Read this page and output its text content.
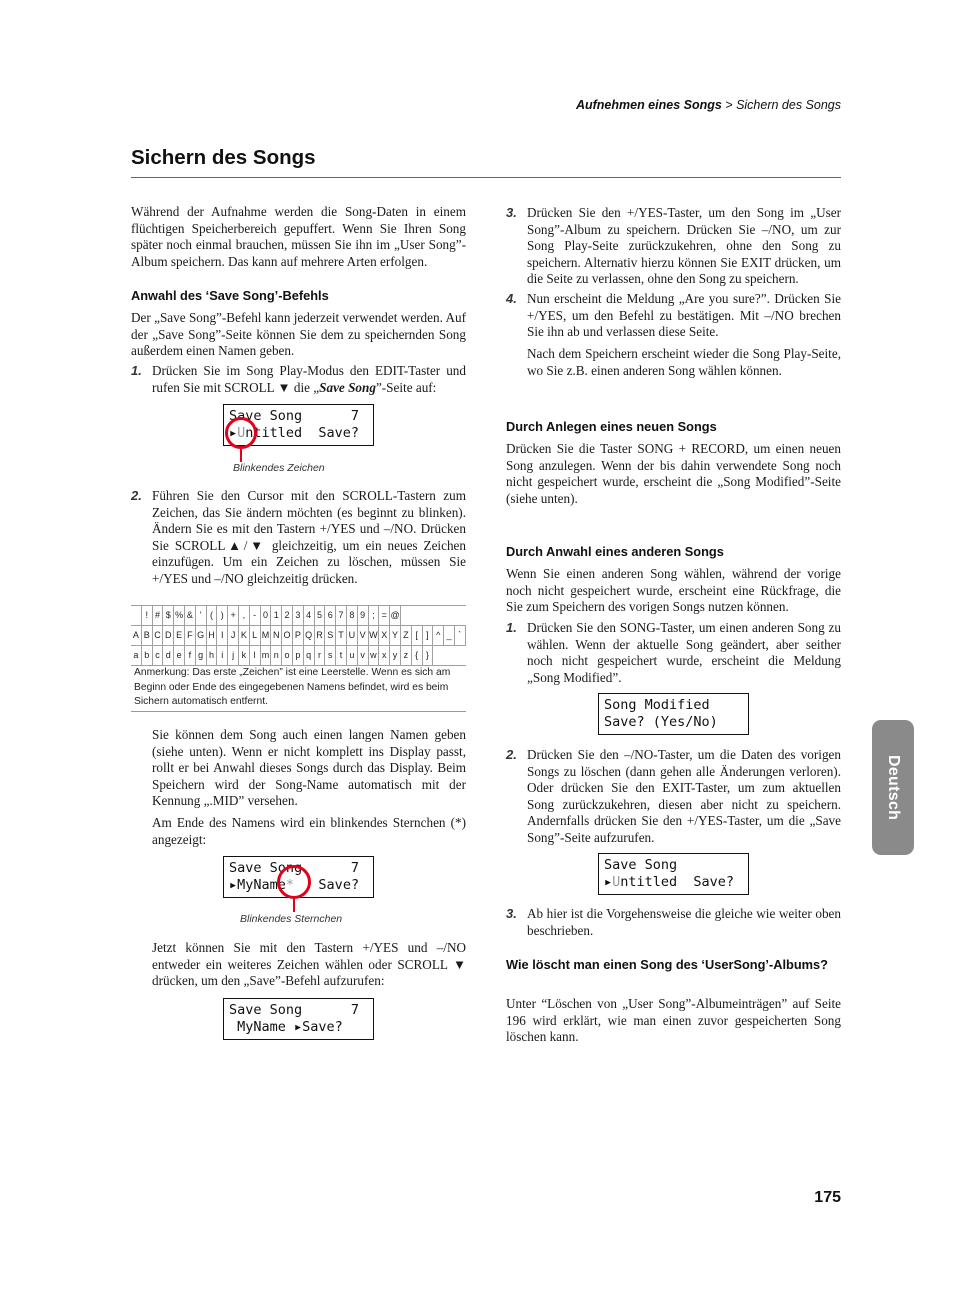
Aufnehmen eines Songs > Sichern des Songs
Sichern des Songs
Während der Aufnahme werden die Song-Daten in einem flüchtigen Speicherbereich gepuffert. Wenn Sie Ihren Song später noch einmal brauchen, müssen Sie ihn im „User Song”-Album speichern. Das kann auf mehrere Arten erfolgen.
Anwahl des ‘Save Song’-Befehls
Der „Save Song”-Befehl kann jederzeit verwendet werden. Auf der „Save Song”-Seite können Sie dem zu speichernden Song außerdem einen Namen geben.
1. Drücken Sie im Song Play-Modus den EDIT-Taster und rufen Sie mit SCROLL ▼ die „Save Song”-Seite auf:
Save Song      7
▶Untitled  Save?
Blinkendes Zeichen
2. Führen Sie den Cursor mit den SCROLL-Tastern zum Zeichen, das Sie ändern möchten (es beginnt zu blinken). Ändern Sie es mit den Tastern +/YES und –/NO. Drücken Sie SCROLL▲/▼ gleichzeitig, um ein neues Zeichen einzufügen. Um ein Zeichen zu löschen, müssen Sie +/YES und –/NO gleichzeitig drücken.

! # $ % & ' ( ) + , - 0 1 2 3 4 5 6 7 8 9 ; = @
A B C D E F G H I J K L M N O P Q R S T U V W X Y Z [ ] ^ _ `
a b c d e f g h i j k l m n o p q r s t u v w x y z { }
Anmerkung: Das erste „Zeichen” ist eine Leerstelle. Wenn es sich am Beginn oder Ende des eingegebenen Namens befindet, wird es beim Sichern automatisch entfernt.
Sie können dem Song auch einen langen Namen geben (siehe unten). Wenn er nicht komplett ins Display passt, rollt er bei Anwahl dieses Songs durch das Display. Beim Speichern wird der Song-Name automatisch mit der Kennung „.MID” versehen.
Am Ende des Namens wird ein blinkendes Sternchen (*) angezeigt:
Save Song      7
▶MyName*   Save?
Blinkendes Sternchen
Jetzt können Sie mit den Tastern +/YES und –/NO entweder ein weiteres Zeichen wählen oder SCROLL ▼ drücken, um den „Save”-Befehl aufzurufen:
Save Song      7
MyName ▶Save?
3. Drücken Sie den +/YES-Taster, um den Song im „User Song”-Album zu speichern. Drücken Sie –/NO, um zur Song Play-Seite zurückzukehren, ohne den Song zu speichern. Alternativ hierzu können Sie EXIT drücken, um die Seite zu verlassen, ohne den Song zu speichern.
4. Nun erscheint die Meldung „Are you sure?”. Drücken Sie +/YES, um den Befehl zu bestätigen. Mit –/NO brechen Sie ihn ab und verlassen diese Seite.
Nach dem Speichern erscheint wieder die Song Play-Seite, wo Sie z.B. einen anderen Song wählen können.
Durch Anlegen eines neuen Songs
Drücken Sie die Taster SONG + RECORD, um einen neuen Song anzulegen. Wenn der bis dahin verwendete Song noch nicht gespeichert wurde, erscheint die „Song Modified”-Seite (siehe unten).
Durch Anwahl eines anderen Songs
Wenn Sie einen anderen Song wählen, während der vorige noch nicht gespeichert wurde, erscheint eine Rückfrage, die Sie zum Speichern des vorigen Songs nutzen können.
1. Drücken Sie den SONG-Taster, um einen anderen Song zu wählen. Wenn der aktuelle Song geändert, aber seither noch nicht gespeichert wurde, erscheint die Meldung „Song Modified”.
Song Modified
Save? (Yes/No)
2. Drücken Sie den –/NO-Taster, um die Daten des vorigen Songs zu löschen (dann gehen alle Änderungen verloren). Oder drücken Sie den EXIT-Taster, um zum aktuellen Song zurückzukehren, diesen aber nicht zu speichern. Andernfalls drücken Sie den +/YES-Taster, um die „Save Song”-Seite aufzurufen.
Save Song
▶Untitled  Save?
3. Ab hier ist die Vorgehensweise die gleiche wie weiter oben beschrieben.
Wie löscht man einen Song des ‘UserSong’-Albums?
Unter “Löschen von „User Song”-Albumeinträgen” auf Seite 196 wird erklärt, wie man einen zuvor gespeicherten Song löschen kann.
Deutsch
175
